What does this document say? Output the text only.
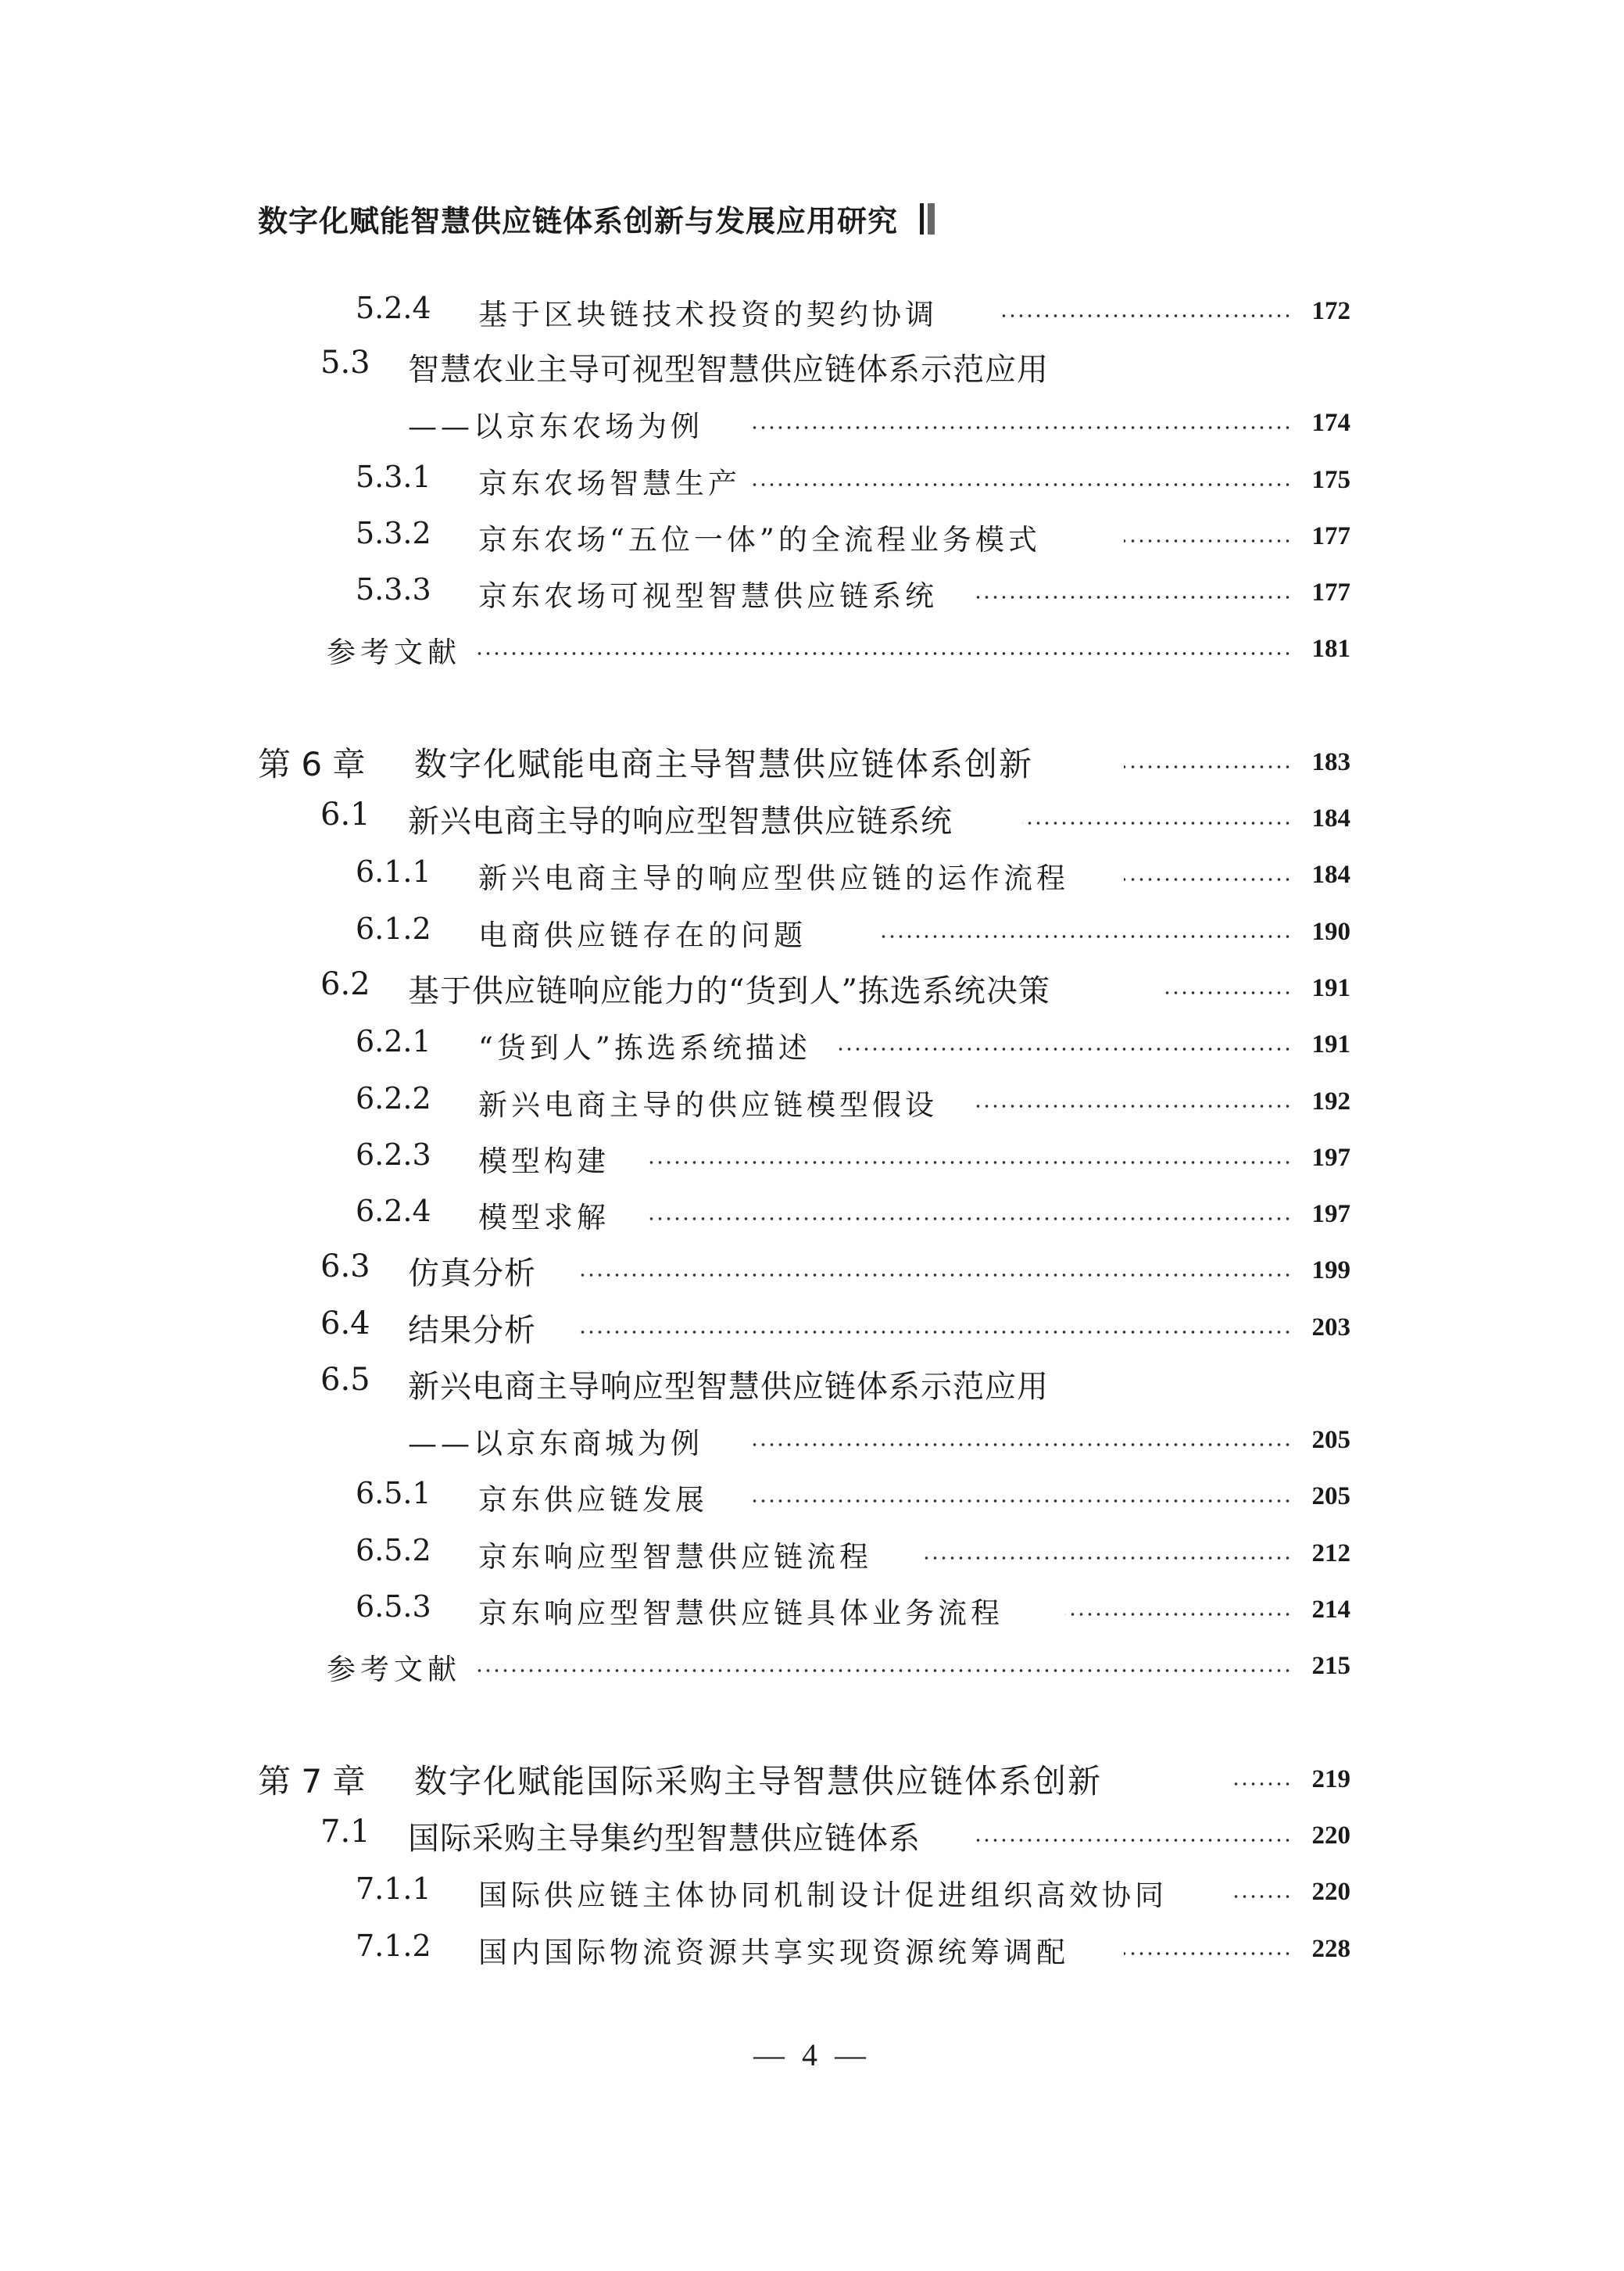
数字化赋能智慧供应链体系创新与发展应用研究
5.2.4 基于区块链技术投资的契约协调	172
5.3 智慧农业主导可视型智慧供应链体系示范应用
——以京东农场为例	174
5.3.1 京东农场智慧生产	175
5.3.2 京东农场“五位一体”的全流程业务模式	177
5.3.3 京东农场可视型智慧供应链系统	177
参考文献	181
第 6 章 数字化赋能电商主导智慧供应链体系创新	183
6.1 新兴电商主导的响应型智慧供应链系统	184
6.1.1 新兴电商主导的响应型供应链的运作流程	184
6.1.2 电商供应链存在的问题	190
6.2 基于供应链响应能力的“货到人”拣选系统决策	191
6.2.1 “货到人”拣选系统描述	191
6.2.2 新兴电商主导的供应链模型假设	192
6.2.3 模型构建	197
6.2.4 模型求解	197
6.3 仿真分析	199
6.4 结果分析	203
6.5 新兴电商主导响应型智慧供应链体系示范应用
——以京东商城为例	205
6.5.1 京东供应链发展	205
6.5.2 京东响应型智慧供应链流程	212
6.5.3 京东响应型智慧供应链具体业务流程	214
参考文献	215
第 7 章 数字化赋能国际采购主导智慧供应链体系创新	219
7.1 国际采购主导集约型智慧供应链体系	220
7.1.1 国际供应链主体协同机制设计促进组织高效协同	220
7.1.2 国内国际物流资源共享实现资源统筹调配	228
— 4 —
